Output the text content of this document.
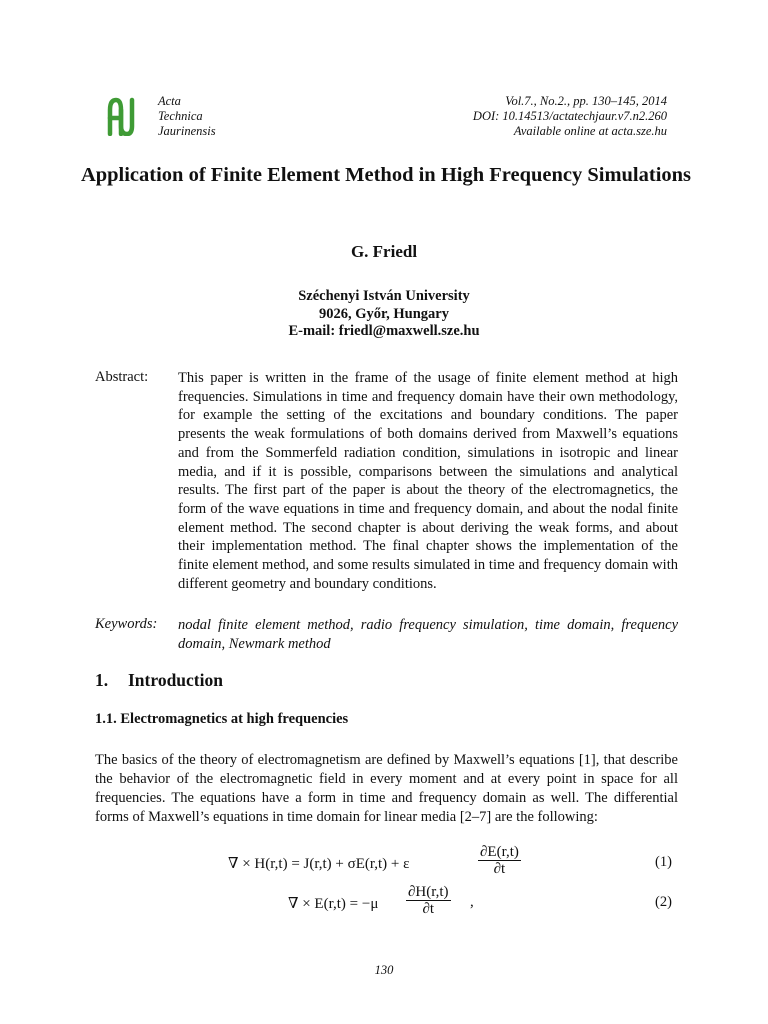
Acta
Technica
Jaurinensis
Vol.7., No.2., pp. 130–145, 2014
DOI: 10.14513/actatechjaur.v7.n2.260
Available online at acta.sze.hu
Application of Finite Element Method in High Frequency Simulations
G. Friedl
Széchenyi István University
9026, Győr, Hungary
E-mail: friedl@maxwell.sze.hu
Abstract: This paper is written in the frame of the usage of finite element method at high frequencies. Simulations in time and frequency domain have their own methodology, for example the setting of the excitations and boundary conditions. The paper presents the weak formulations of both domains derived from Maxwell’s equations and from the Sommerfeld radiation condition, simulations in isotropic and linear media, and if it is possible, comparisons between the simulations and analytical results. The first part of the paper is about the theory of the electromagnetics, the form of the wave equations in time and frequency domain, and about the nodal finite element method. The second chapter is about deriving the weak forms, and about their implementation method. The final chapter shows the implementation of the finite element method, and some results simulated in time and frequency domain with different geometry and boundary conditions.
Keywords: nodal finite element method, radio frequency simulation, time domain, frequency domain, Newmark method
1. Introduction
1.1. Electromagnetics at high frequencies
The basics of the theory of electromagnetism are defined by Maxwell’s equations [1], that describe the behavior of the electromagnetic field in every moment and at every point in space for all frequencies. The equations have a form in time and frequency domain as well. The differential forms of Maxwell’s equations in time domain for linear media [2–7] are the following:
∇ × H(r,t) = J(r,t) + σE(r,t) + ε	$\frac{\partial E(r,t)}{\partial t}$	(1)
∇ × $E(r,t) = -\mu \frac{\partial H(r,t)}{\partial t}$ ,	(2)
130
